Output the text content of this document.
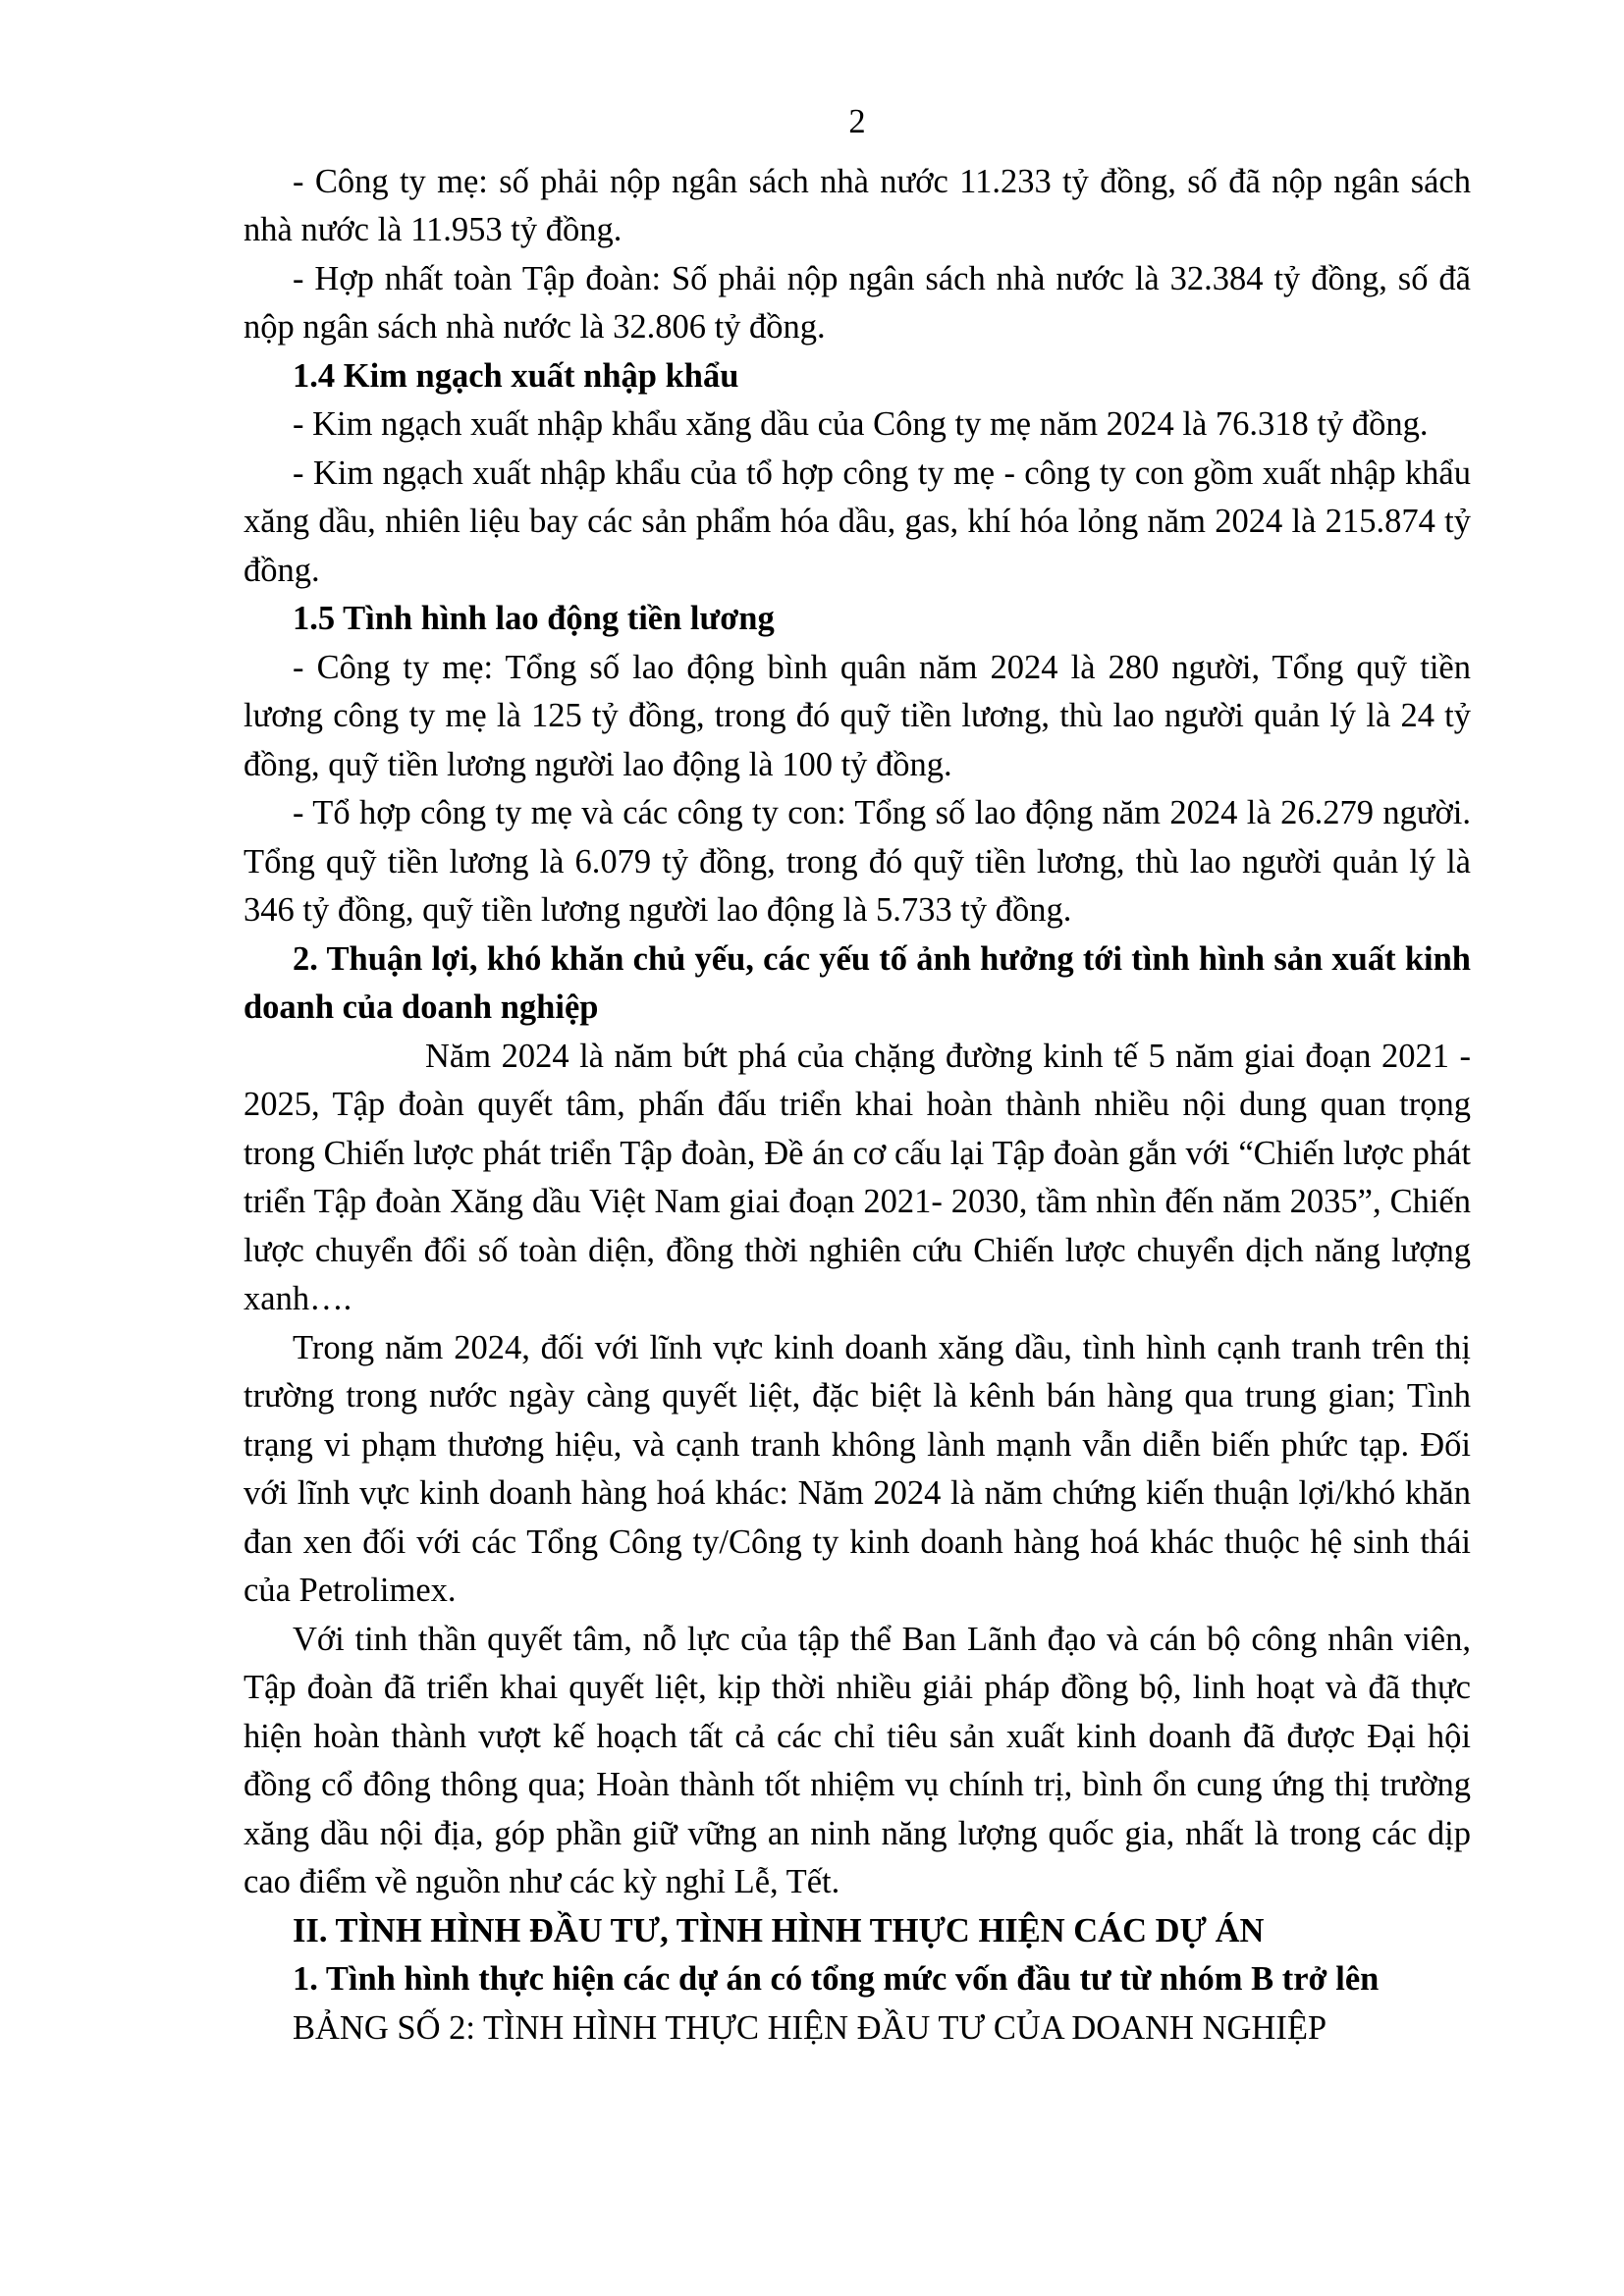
2

- Công ty mẹ: số phải nộp ngân sách nhà nước 11.233 tỷ đồng, số đã nộp ngân sách nhà nước là 11.953 tỷ đồng.

- Hợp nhất toàn Tập đoàn: Số phải nộp ngân sách nhà nước là 32.384 tỷ đồng, số đã nộp ngân sách nhà nước là 32.806 tỷ đồng.

1.4 Kim ngạch xuất nhập khẩu

- Kim ngạch xuất nhập khẩu xăng dầu của Công ty mẹ năm 2024 là 76.318 tỷ đồng.

- Kim ngạch xuất nhập khẩu của tổ hợp công ty mẹ - công ty con gồm xuất nhập khẩu xăng dầu, nhiên liệu bay các sản phẩm hóa dầu, gas, khí hóa lỏng năm 2024 là 215.874 tỷ đồng.

1.5 Tình hình lao động tiền lương

- Công ty mẹ: Tổng số lao động bình quân năm 2024 là 280 người, Tổng quỹ tiền lương công ty mẹ là 125 tỷ đồng, trong đó quỹ tiền lương, thù lao người quản lý là 24 tỷ đồng, quỹ tiền lương người lao động là 100 tỷ đồng.

- Tổ hợp công ty mẹ và các công ty con: Tổng số lao động năm 2024 là 26.279 người. Tổng quỹ tiền lương là 6.079 tỷ đồng, trong đó quỹ tiền lương, thù lao người quản lý là 346 tỷ đồng, quỹ tiền lương người lao động là 5.733 tỷ đồng.

2. Thuận lợi, khó khăn chủ yếu, các yếu tố ảnh hưởng tới tình hình sản xuất kinh doanh của doanh nghiệp

Năm 2024 là năm bứt phá của chặng đường kinh tế 5 năm giai đoạn 2021 - 2025, Tập đoàn quyết tâm, phấn đấu triển khai hoàn thành nhiều nội dung quan trọng trong Chiến lược phát triển Tập đoàn, Đề án cơ cấu lại Tập đoàn gắn với “Chiến lược phát triển Tập đoàn Xăng dầu Việt Nam giai đoạn 2021- 2030, tầm nhìn đến năm 2035”, Chiến lược chuyển đổi số toàn diện, đồng thời nghiên cứu Chiến lược chuyển dịch năng lượng xanh….

Trong năm 2024, đối với lĩnh vực kinh doanh xăng dầu, tình hình cạnh tranh trên thị trường trong nước ngày càng quyết liệt, đặc biệt là kênh bán hàng qua trung gian; Tình trạng vi phạm thương hiệu, và cạnh tranh không lành mạnh vẫn diễn biến phức tạp. Đối với lĩnh vực kinh doanh hàng hoá khác: Năm 2024 là năm chứng kiến thuận lợi/khó khăn đan xen đối với các Tổng Công ty/Công ty kinh doanh hàng hoá khác thuộc hệ sinh thái của Petrolimex.

Với tinh thần quyết tâm, nỗ lực của tập thể Ban Lãnh đạo và cán bộ công nhân viên, Tập đoàn đã triển khai quyết liệt, kịp thời nhiều giải pháp đồng bộ, linh hoạt và đã thực hiện hoàn thành vượt kế hoạch tất cả các chỉ tiêu sản xuất kinh doanh đã được Đại hội đồng cổ đông thông qua; Hoàn thành tốt nhiệm vụ chính trị, bình ổn cung ứng thị trường xăng dầu nội địa, góp phần giữ vững an ninh năng lượng quốc gia, nhất là trong các dịp cao điểm về nguồn như các kỳ nghỉ Lễ, Tết.

II. TÌNH HÌNH ĐẦU TƯ, TÌNH HÌNH THỰC HIỆN CÁC DỰ ÁN

1. Tình hình thực hiện các dự án có tổng mức vốn đầu tư từ nhóm B trở lên

BẢNG SỐ 2: TÌNH HÌNH THỰC HIỆN ĐẦU TƯ CỦA DOANH NGHIỆP
